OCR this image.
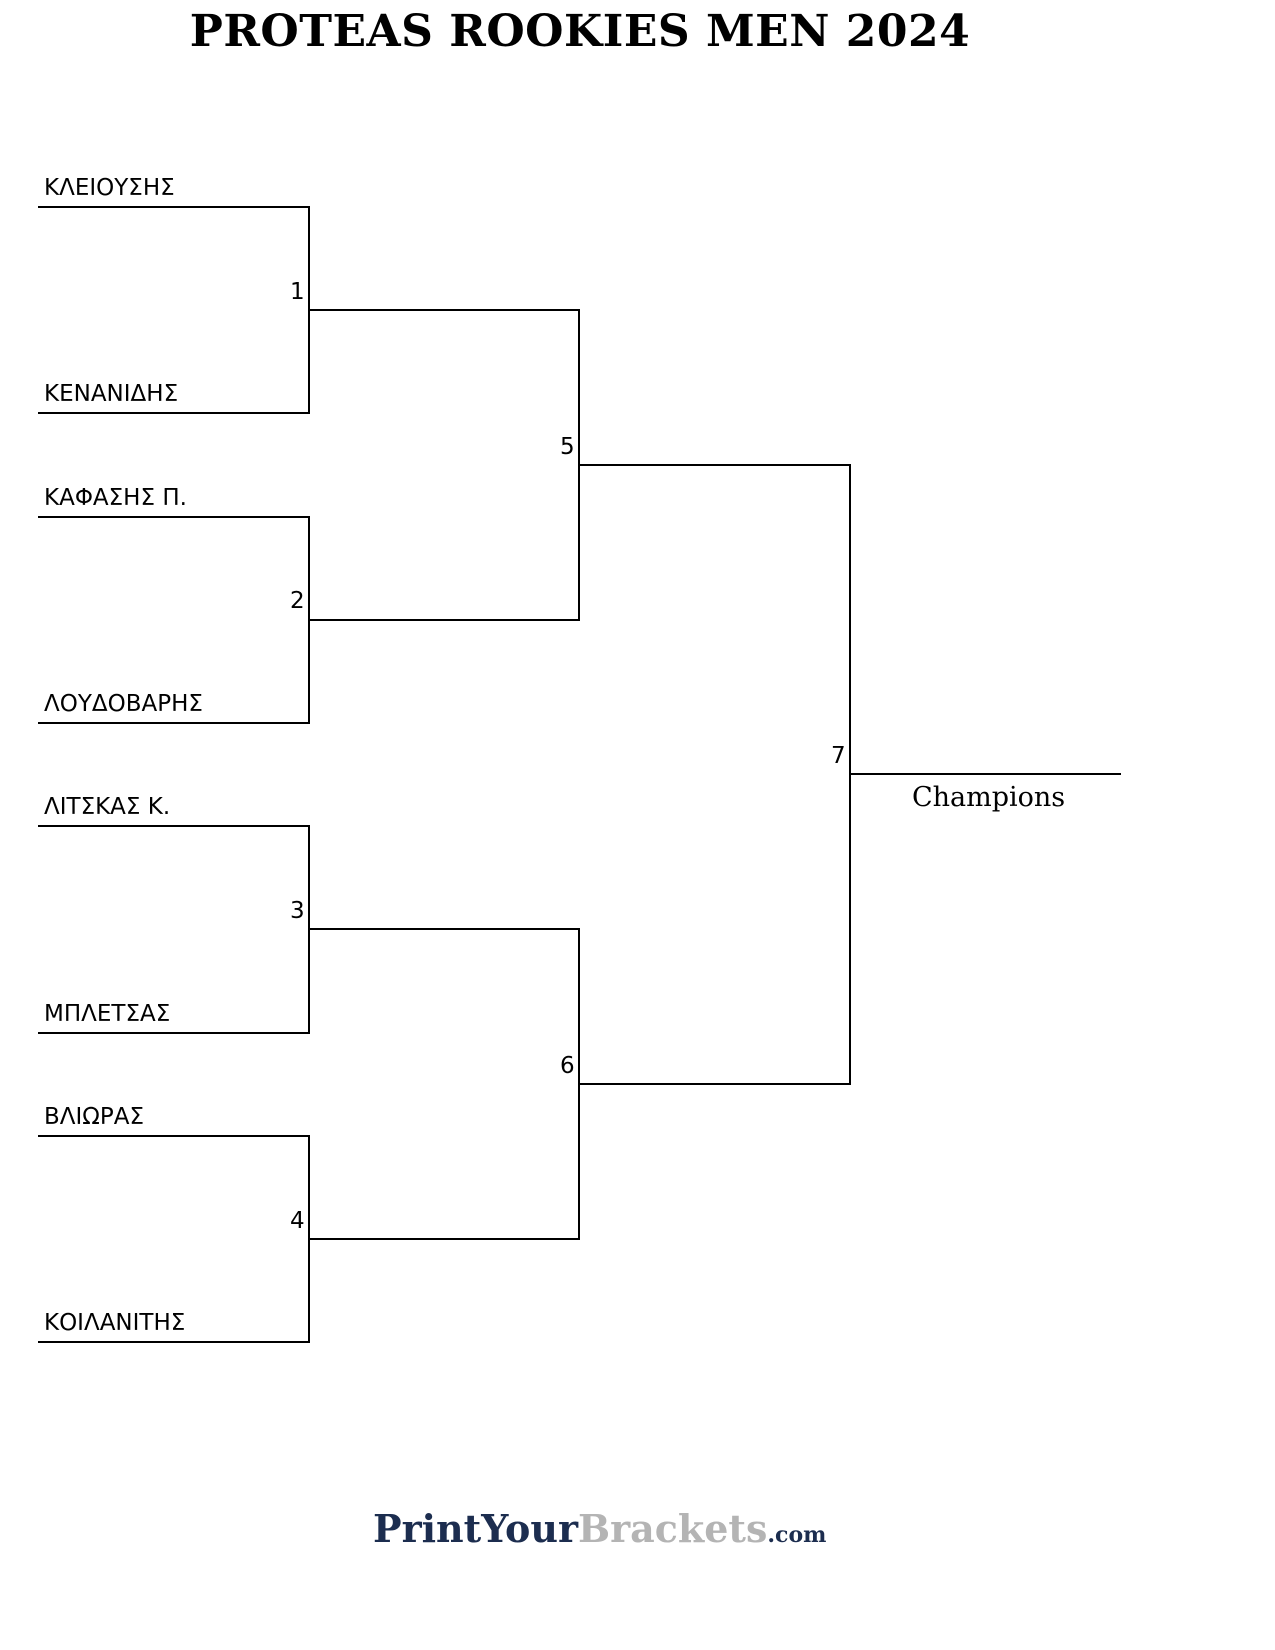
PROTEAS ROOKIES MEN 2024
ΚΛΕΙΟΥΣΗΣ
ΚΕΝΑΝΙΔΗΣ
ΚΑΦΑΣΗΣ Π.
ΛΟΥΔΟΒΑΡΗΣ
ΛΙΤΣΚΑΣ Κ.
ΜΠΛΕΤΣΑΣ
ΒΛΙΩΡΑΣ
ΚΟΙΛΑΝΙΤΗΣ
1
2
3
4
5
6
7
Champions
PrintYourBrackets.com
